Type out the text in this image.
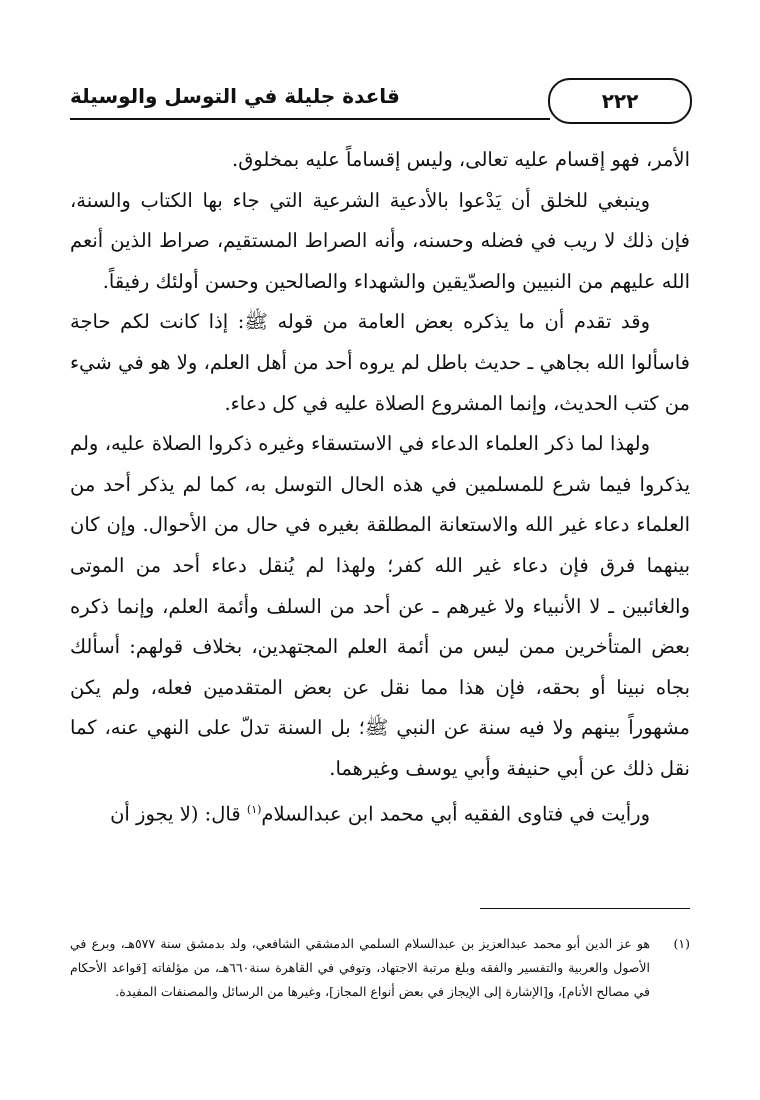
قاعدة جليلة في التوسل والوسيلة	٢٢٢

الأمر، فهو إقسام عليه تعالى، وليس إقساماً عليه بمخلوق.

وينبغي للخلق أن يَدْعوا بالأدعية الشرعية التي جاء بها الكتاب والسنة، فإن ذلك لا ريب في فضله وحسنه، وأنه الصراط المستقيم، صراط الذين أنعم الله عليهم من النبيين والصدّيقين والشهداء والصالحين وحسن أولئك رفيقاً.

وقد تقدم أن ما يذكره بعض العامة من قوله ﷺ: إذا كانت لكم حاجة فاسألوا الله بجاهي ـ حديث باطل لم يروه أحد من أهل العلم، ولا هو في شيء من كتب الحديث، وإنما المشروع الصلاة عليه في كل دعاء.

ولهذا لما ذكر العلماء الدعاء في الاستسقاء وغيره ذكروا الصلاة عليه، ولم يذكروا فيما شرع للمسلمين في هذه الحال التوسل به، كما لم يذكر أحد من العلماء دعاء غير الله والاستعانة المطلقة بغيره في حال من الأحوال. وإن كان بينهما فرق فإن دعاء غير الله كفر؛ ولهذا لم يُنقل دعاء أحد من الموتى والغائبين ـ لا الأنبياء ولا غيرهم ـ عن أحد من السلف وأئمة العلم، وإنما ذكره بعض المتأخرين ممن ليس من أئمة العلم المجتهدين، بخلاف قولهم: أسألك بجاه نبينا أو بحقه، فإن هذا مما نقل عن بعض المتقدمين فعله، ولم يكن مشهوراً بينهم ولا فيه سنة عن النبي ﷺ؛ بل السنة تدلّ على النهي عنه، كما نقل ذلك عن أبي حنيفة وأبي يوسف وغيرهما.

ورأيت في فتاوى الفقيه أبي محمد ابن عبدالسلام$^{(١)}$ قال: (لا يجوز أن

(١)
هو عز الدين أبو محمد عبدالعزيز بن عبدالسلام السلمي الدمشقي الشافعي، ولد بدمشق سنة ٥٧٧هـ، وبرع في الأصول والعربية والتفسير والفقه وبلغ مرتبة الاجتهاد، وتوفي في القاهرة سنة٦٦٠هـ، من مؤلفاته [قواعد الأحكام في مصالح الأنام]، و[الإشارة إلى الإيجاز في بعض أنواع المجاز]، وغيرها من الرسائل والمصنفات المفيدة.
